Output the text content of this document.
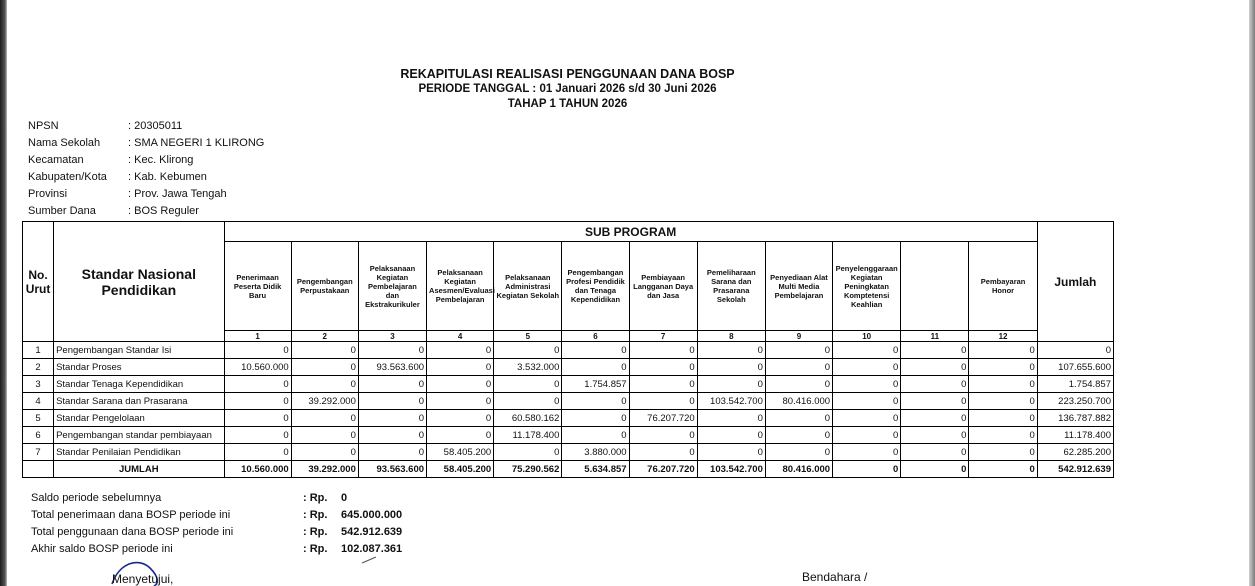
REKAPITULASI REALISASI PENGGUNAAN DANA BOSP
PERIODE TANGGAL : 01 Januari 2026 s/d 30 Juni 2026
TAHAP 1 TAHUN 2026
NPSN	: 20305011
Nama Sekolah	: SMA NEGERI 1 KLIRONG
Kecamatan	: Kec. Klirong
Kabupaten/Kota	: Kab. Kebumen
Provinsi	: Prov. Jawa Tengah
Sumber Dana	: BOS Reguler
No. Urut	Standar Nasional Pendidikan	SUB PROGRAM												Jumlah
		Penerimaan Peserta Didik Baru	Pengembangan Perpustakaan	Pelaksanaan Kegiatan Pembelajaran dan Ekstrakurikuler	Pelaksanaan Kegiatan Asesmen/Evaluasi Pembelajaran	Pelaksanaan Administrasi Kegiatan Sekolah	Pengembangan Profesi Pendidik dan Tenaga Kependidikan	Pembiayaan Langganan Daya dan Jasa	Pemeliharaan Sarana dan Prasarana Sekolah	Penyediaan Alat Multi Media Pembelajaran	Penyelenggaraan Kegiatan Peningkatan Komptetensi Keahlian		Pembayaran Honor	
		1	2	3	4	5	6	7	8	9	10	11	12	
1	Pengembangan Standar Isi	0	0	0	0	0	0	0	0	0	0	0	0	0
2	Standar Proses	10.560.000	0	93.563.600	0	3.532.000	0	0	0	0	0	0	0	107.655.600
3	Standar Tenaga Kependidikan	0	0	0	0	0	1.754.857	0	0	0	0	0	0	1.754.857
4	Standar Sarana dan Prasarana	0	39.292.000	0	0	0	0	0	103.542.700	80.416.000	0	0	0	223.250.700
5	Standar Pengelolaan	0	0	0	0	60.580.162	0	76.207.720	0	0	0	0	0	136.787.882
6	Pengembangan standar pembiayaan	0	0	0	0	11.178.400	0	0	0	0	0	0	0	11.178.400
7	Standar Penilaian Pendidikan	0	0	0	58.405.200	0	3.880.000	0	0	0	0	0	0	62.285.200
	JUMLAH	10.560.000	39.292.000	93.563.600	58.405.200	75.290.562	5.634.857	76.207.720	103.542.700	80.416.000	0	0	0	542.912.639
Saldo periode sebelumnya	: Rp.	0
Total penerimaan dana BOSP periode ini	: Rp.	645.000.000
Total penggunaan dana BOSP periode ini	: Rp.	542.912.639
Akhir saldo BOSP periode ini	: Rp.	102.087.361
Menyetujui,	Bendahara /
